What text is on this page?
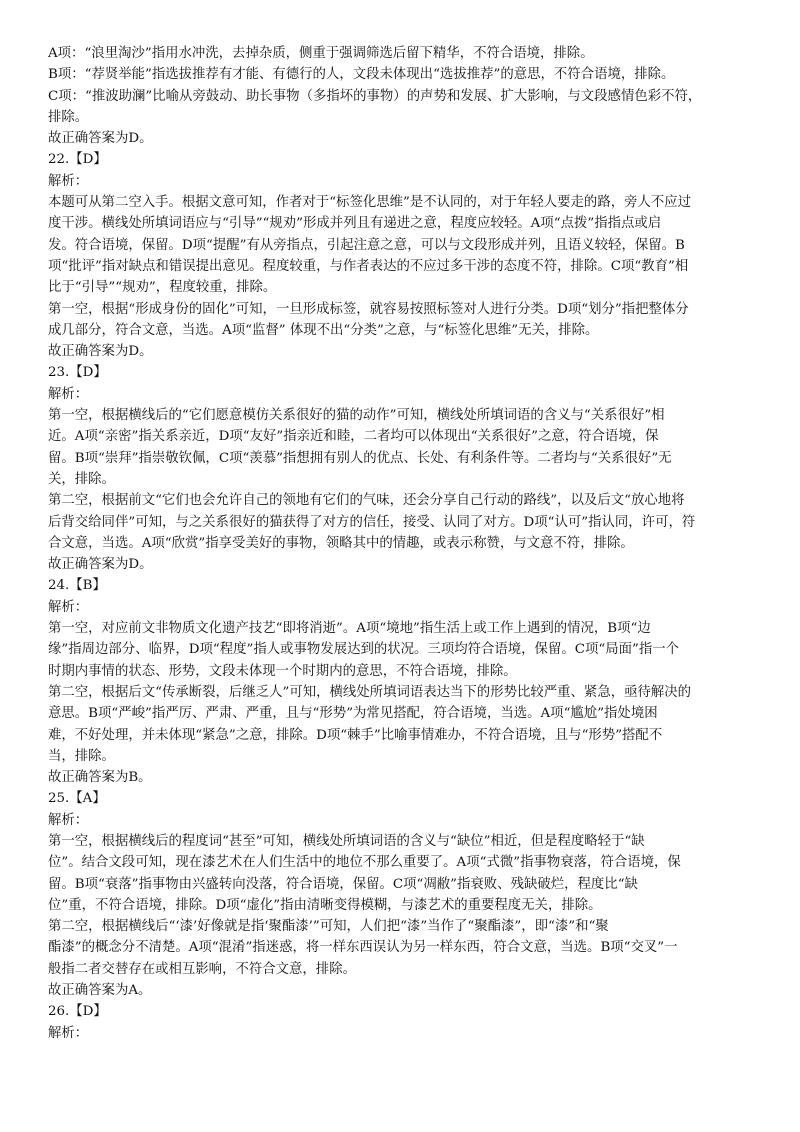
A项：“浪里淘沙”指用水冲洗，去掉杂质，侧重于强调筛选后留下精华，不符合语境，排除。

B项：“荐贤举能”指选拔推荐有才能、有德行的人，文段未体现出“选拔推荐”的意思，不符合语境，排除。

C项：“推波助澜”比喻从旁鼓动、助长事物（多指坏的事物）的声势和发展、扩大影响，与文段感情色彩不符，

排除。

故正确答案为D。

22.【D】

解析：

本题可从第二空入手。根据文意可知，作者对于“标签化思维”是不认同的，对于年轻人要走的路，旁人不应过

度干涉。横线处所填词语应与“引导”“规劝”形成并列且有递进之意，程度应较轻。A项“点拨”指指点或启

发。符合语境，保留。D项“提醒”有从旁指点，引起注意之意，可以与文段形成并列，且语义较轻，保留。B

项“批评”指对缺点和错误提出意见。程度较重，与作者表达的不应过多干涉的态度不符，排除。C项“教育”相

比于“引导”“规劝”，程度较重，排除。

第一空，根据“形成身份的固化”可知，一旦形成标签，就容易按照标签对人进行分类。D项“划分”指把整体分

成几部分，符合文意，当选。A项“监督” 体现不出“分类”之意，与“标签化思维”无关，排除。

故正确答案为D。

23.【D】

解析：

第一空，根据横线后的“它们愿意模仿关系很好的猫的动作”可知，横线处所填词语的含义与“关系很好”相

近。A项“亲密”指关系亲近，D项“友好”指亲近和睦，二者均可以体现出“关系很好”之意，符合语境，保

留。B项“崇拜”指崇敬钦佩，C项“羡慕”指想拥有别人的优点、长处、有利条件等。二者均与“关系很好”无

关，排除。

第二空，根据前文“它们也会允许自己的领地有它们的气味，还会分享自己行动的路线”，以及后文“放心地将

后背交给同伴”可知，与之关系很好的猫获得了对方的信任，接受、认同了对方。D项“认可”指认同，许可，符

合文意，当选。A项“欣赏”指享受美好的事物，领略其中的情趣，或表示称赞，与文意不符，排除。

故正确答案为D。

24.【B】

解析：

第一空，对应前文非物质文化遗产技艺“即将消逝”。A项“境地”指生活上或工作上遇到的情况，B项“边

缘”指周边部分、临界，D项“程度”指人或事物发展达到的状况。三项均符合语境，保留。C项“局面”指一个

时期内事情的状态、形势，文段未体现一个时期内的意思，不符合语境，排除。

第二空，根据后文“传承断裂，后继乏人”可知，横线处所填词语表达当下的形势比较严重、紧急，亟待解决的

意思。B项“严峻”指严厉、严肃、严重，且与“形势”为常见搭配，符合语境，当选。A项“尴尬”指处境困

难，不好处理，并未体现“紧急”之意，排除。D项“棘手”比喻事情难办，不符合语境，且与“形势”搭配不

当，排除。

故正确答案为B。

25.【A】

解析：

第一空，根据横线后的程度词“甚至”可知，横线处所填词语的含义与“缺位”相近，但是程度略轻于“缺

位”。结合文段可知，现在漆艺术在人们生活中的地位不那么重要了。A项“式微”指事物衰落，符合语境，保

留。B项“衰落”指事物由兴盛转向没落，符合语境，保留。C项“凋敝”指衰败、残缺破烂，程度比“缺

位”重，不符合语境，排除。D项“虚化”指由清晰变得模糊，与漆艺术的重要程度无关，排除。

第二空，根据横线后“‘漆’好像就是指‘聚酯漆’”可知，人们把“漆”当作了“聚酯漆”，即“漆”和“聚

酯漆”的概念分不清楚。A项“混淆”指迷惑，将一样东西误认为另一样东西，符合文意，当选。B项“交叉”一

般指二者交替存在或相互影响，不符合文意，排除。

故正确答案为A。

26.【D】

解析：
